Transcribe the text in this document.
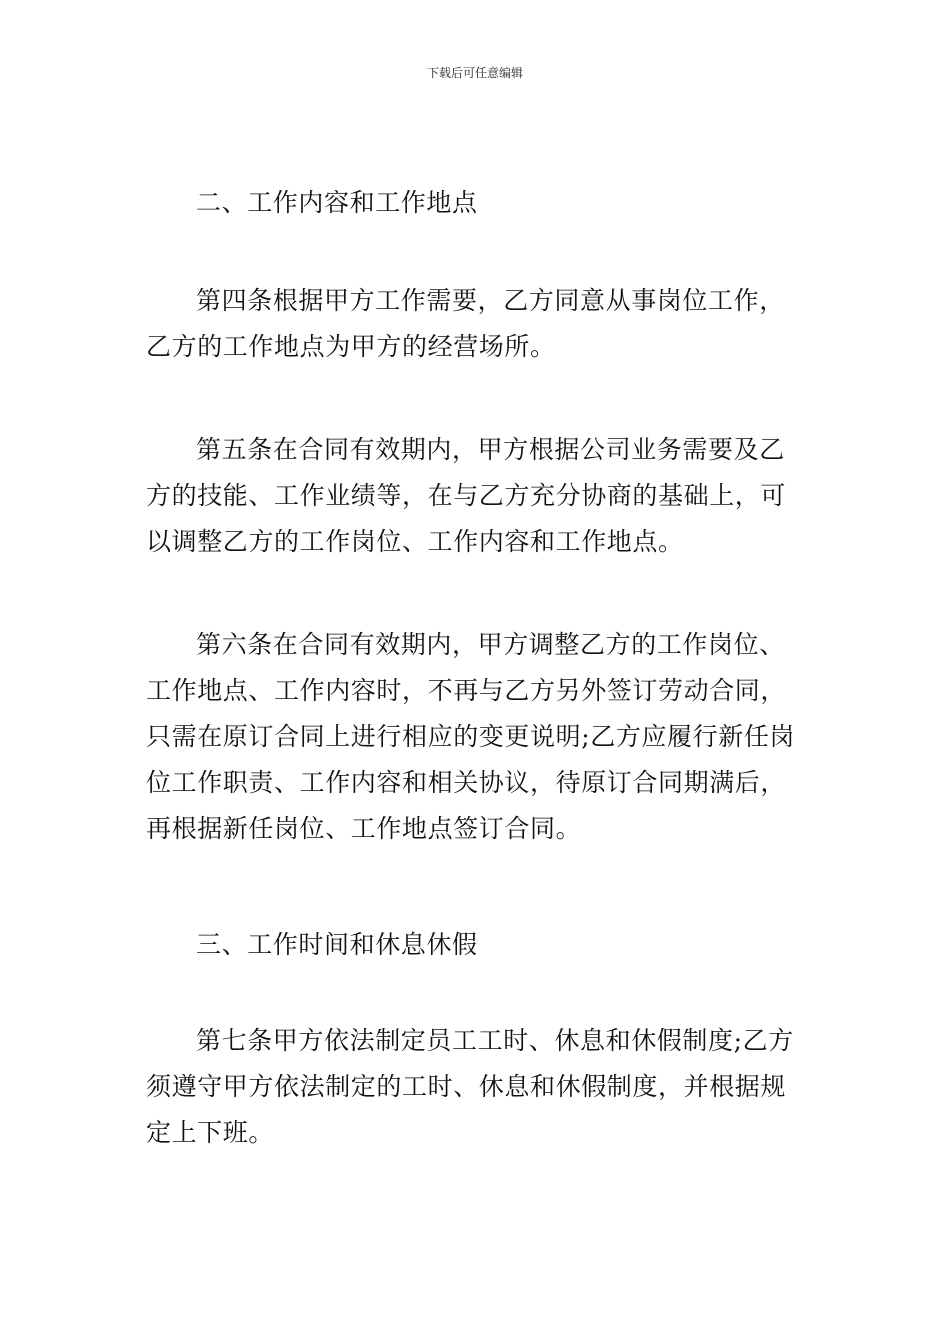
下载后可任意编辑
二、工作内容和工作地点
第四条根据甲方工作需要，乙方同意从事岗位工作，
乙方的工作地点为甲方的经营场所。
第五条在合同有效期内，甲方根据公司业务需要及乙
方的技能、工作业绩等，在与乙方充分协商的基础上，可
以调整乙方的工作岗位、工作内容和工作地点。
第六条在合同有效期内，甲方调整乙方的工作岗位、
工作地点、工作内容时，不再与乙方另外签订劳动合同，
只需在原订合同上进行相应的变更说明;乙方应履行新任岗
位工作职责、工作内容和相关协议，待原订合同期满后，
再根据新任岗位、工作地点签订合同。
三、工作时间和休息休假
第七条甲方依法制定员工工时、休息和休假制度;乙方
须遵守甲方依法制定的工时、休息和休假制度，并根据规
定上下班。
